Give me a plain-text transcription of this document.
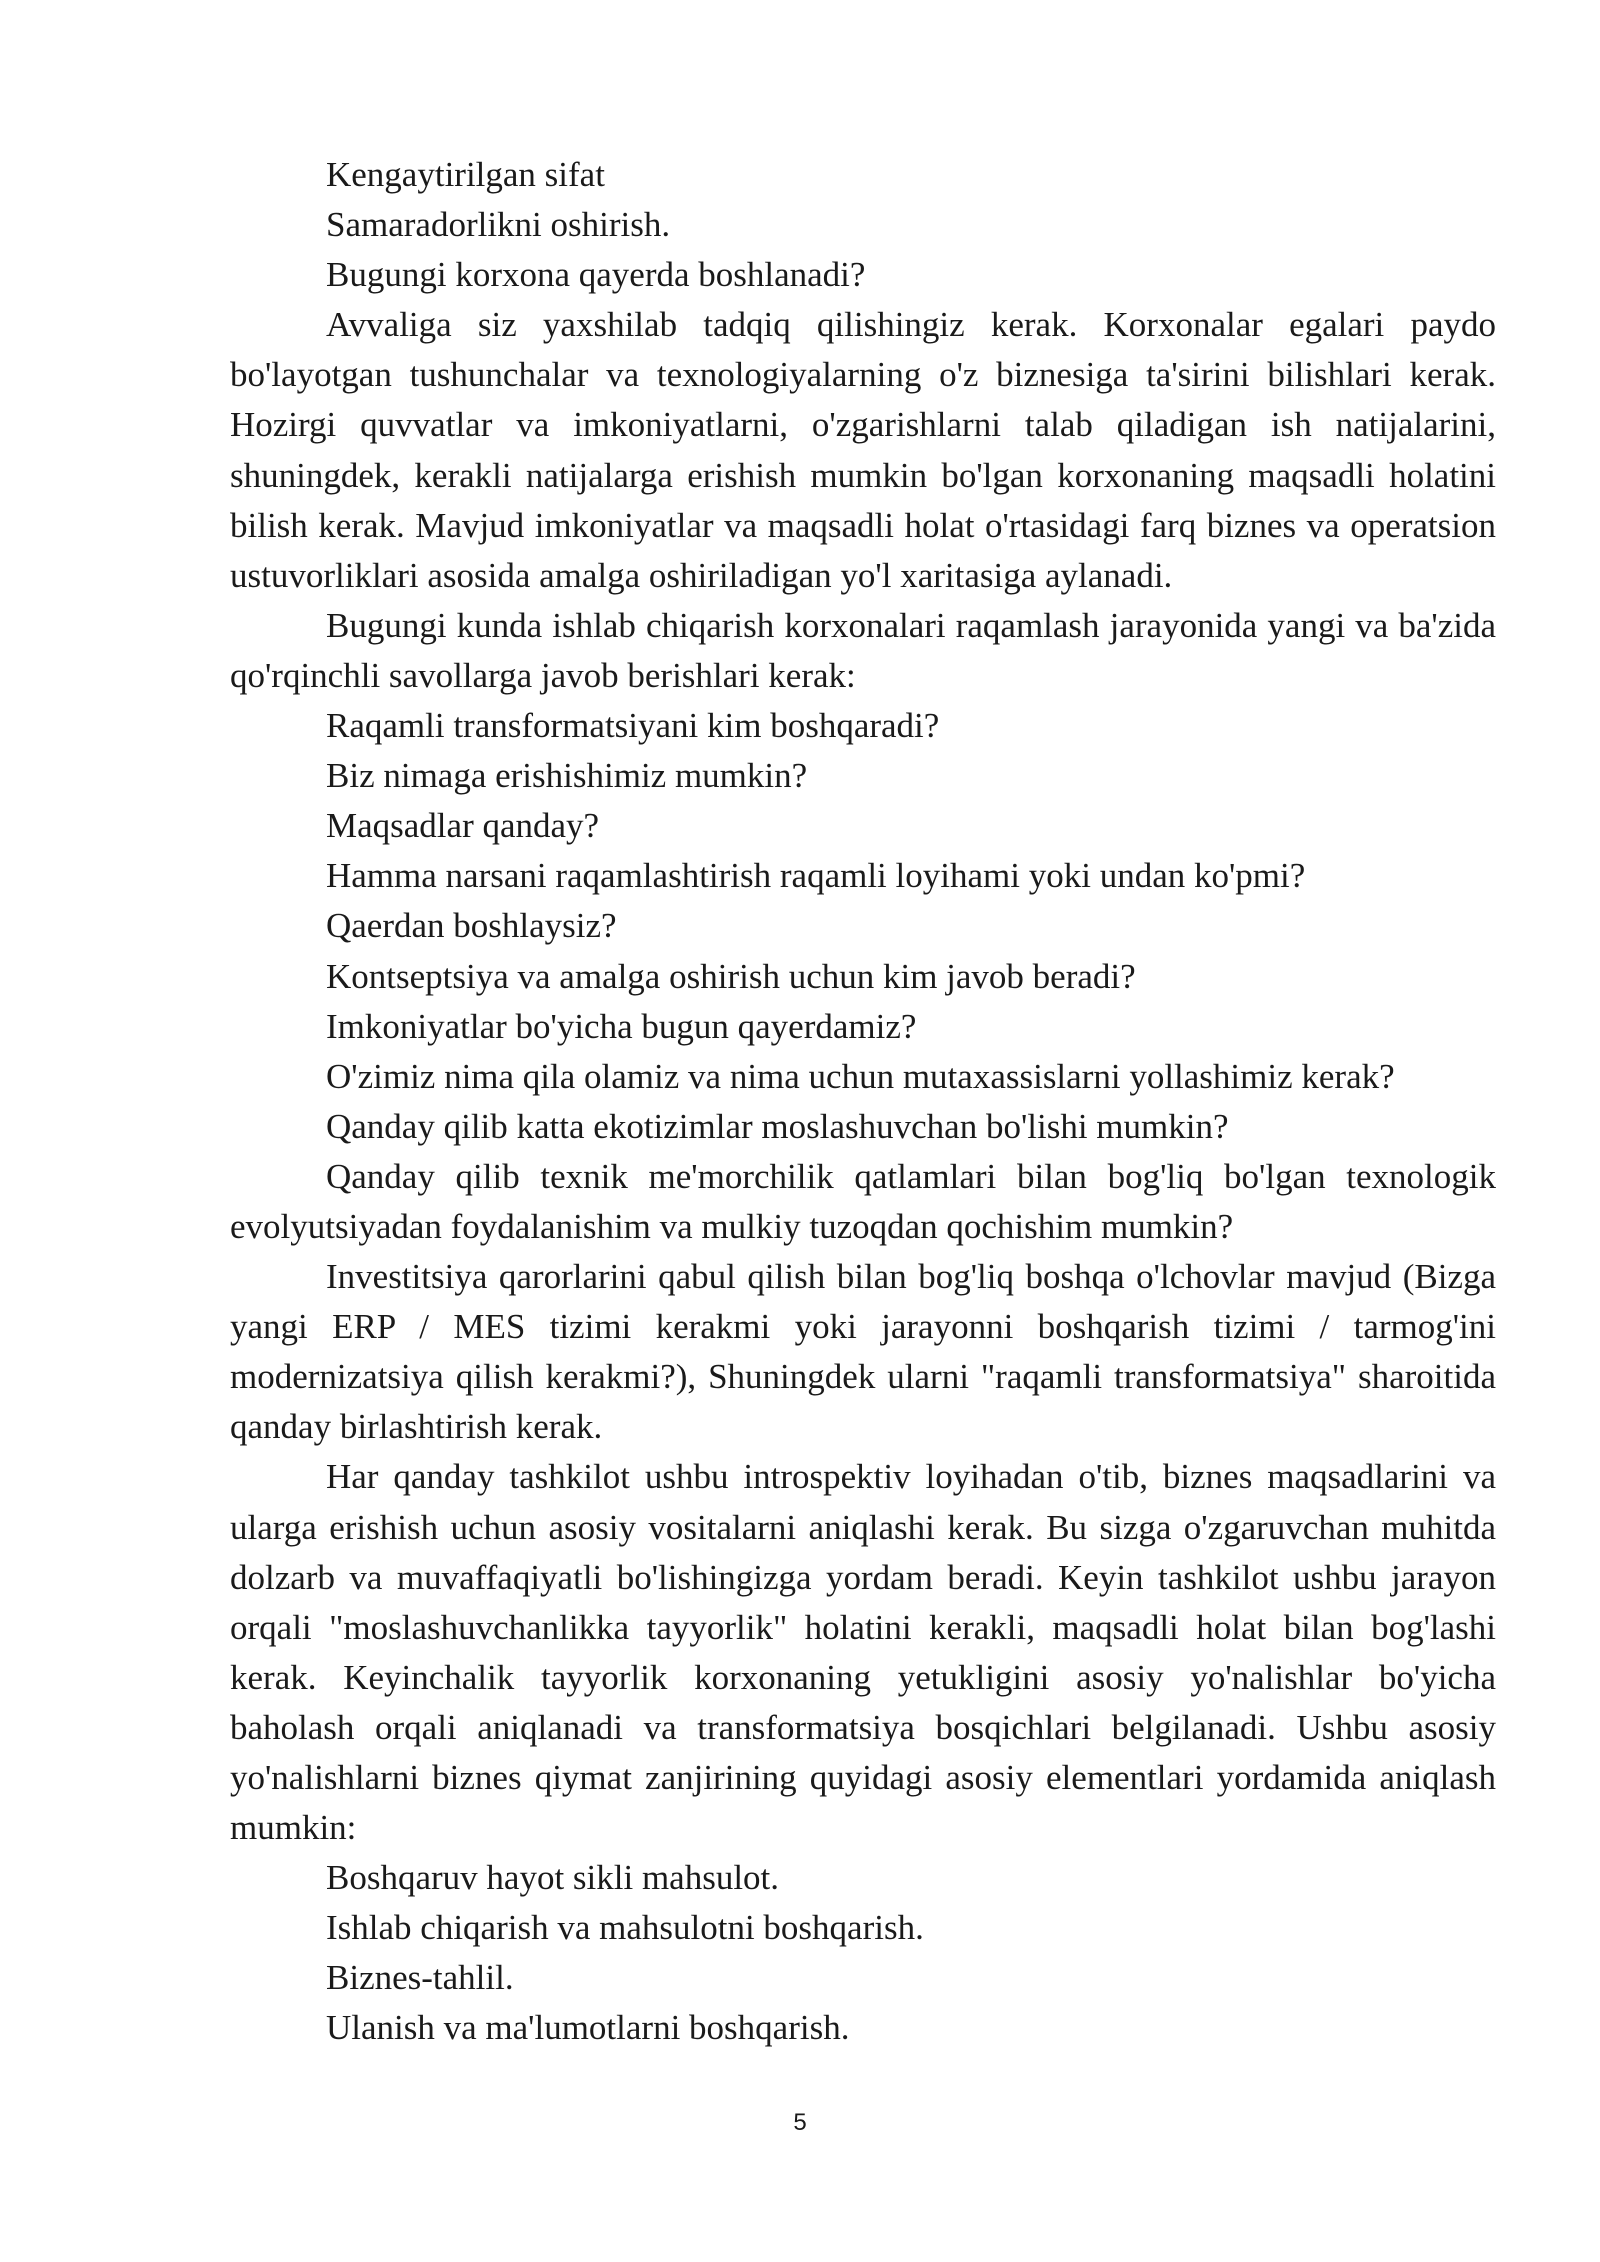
Kengaytirilgan sifat

Samaradorlikni oshirish.

Bugungi korxona qayerda boshlanadi?

Avvaliga siz yaxshilab tadqiq qilishingiz kerak. Korxonalar egalari paydo bo'layotgan tushunchalar va texnologiyalarning o'z biznesiga ta'sirini bilishlari kerak. Hozirgi quvvatlar va imkoniyatlarni, o'zgarishlarni talab qiladigan ish natijalarini, shuningdek, kerakli natijalarga erishish mumkin bo'lgan korxonaning maqsadli holatini bilish kerak. Mavjud imkoniyatlar va maqsadli holat o'rtasidagi farq biznes va operatsion ustuvorliklari asosida amalga oshiriladigan yo'l xaritasiga aylanadi.

Bugungi kunda ishlab chiqarish korxonalari raqamlash jarayonida yangi va ba'zida qo'rqinchli savollarga javob berishlari kerak:

Raqamli transformatsiyani kim boshqaradi?

Biz nimaga erishishimiz mumkin?

Maqsadlar qanday?

Hamma narsani raqamlashtirish raqamli loyihami yoki undan ko'pmi?

Qaerdan boshlaysiz?

Kontseptsiya va amalga oshirish uchun kim javob beradi?

Imkoniyatlar bo'yicha bugun qayerdamiz?

O'zimiz nima qila olamiz va nima uchun mutaxassislarni yollashimiz kerak?

Qanday qilib katta ekotizimlar moslashuvchan bo'lishi mumkin?

Qanday qilib texnik me'morchilik qatlamlari bilan bog'liq bo'lgan texnologik evolyutsiyadan foydalanishim va mulkiy tuzoqdan qochishim mumkin?

Investitsiya qarorlarini qabul qilish bilan bog'liq boshqa o'lchovlar mavjud (Bizga yangi ERP / MES tizimi kerakmi yoki jarayonni boshqarish tizimi / tarmog'ini modernizatsiya qilish kerakmi?), Shuningdek ularni "raqamli transformatsiya" sharoitida qanday birlashtirish kerak.

Har qanday tashkilot ushbu introspektiv loyihadan o'tib, biznes maqsadlarini va ularga erishish uchun asosiy vositalarni aniqlashi kerak. Bu sizga o'zgaruvchan muhitda dolzarb va muvaffaqiyatli bo'lishingizga yordam beradi. Keyin tashkilot ushbu jarayon orqali "moslashuvchanlikka tayyorlik" holatini kerakli, maqsadli holat bilan bog'lashi kerak. Keyinchalik tayyorlik korxonaning yetukligini asosiy yo'nalishlar bo'yicha baholash orqali aniqlanadi va transformatsiya bosqichlari belgilanadi. Ushbu asosiy yo'nalishlarni biznes qiymat zanjirining quyidagi asosiy elementlari yordamida aniqlash mumkin:

Boshqaruv hayot sikli mahsulot.

Ishlab chiqarish va mahsulotni boshqarish.

Biznes-tahlil.

Ulanish va ma'lumotlarni boshqarish.

5
